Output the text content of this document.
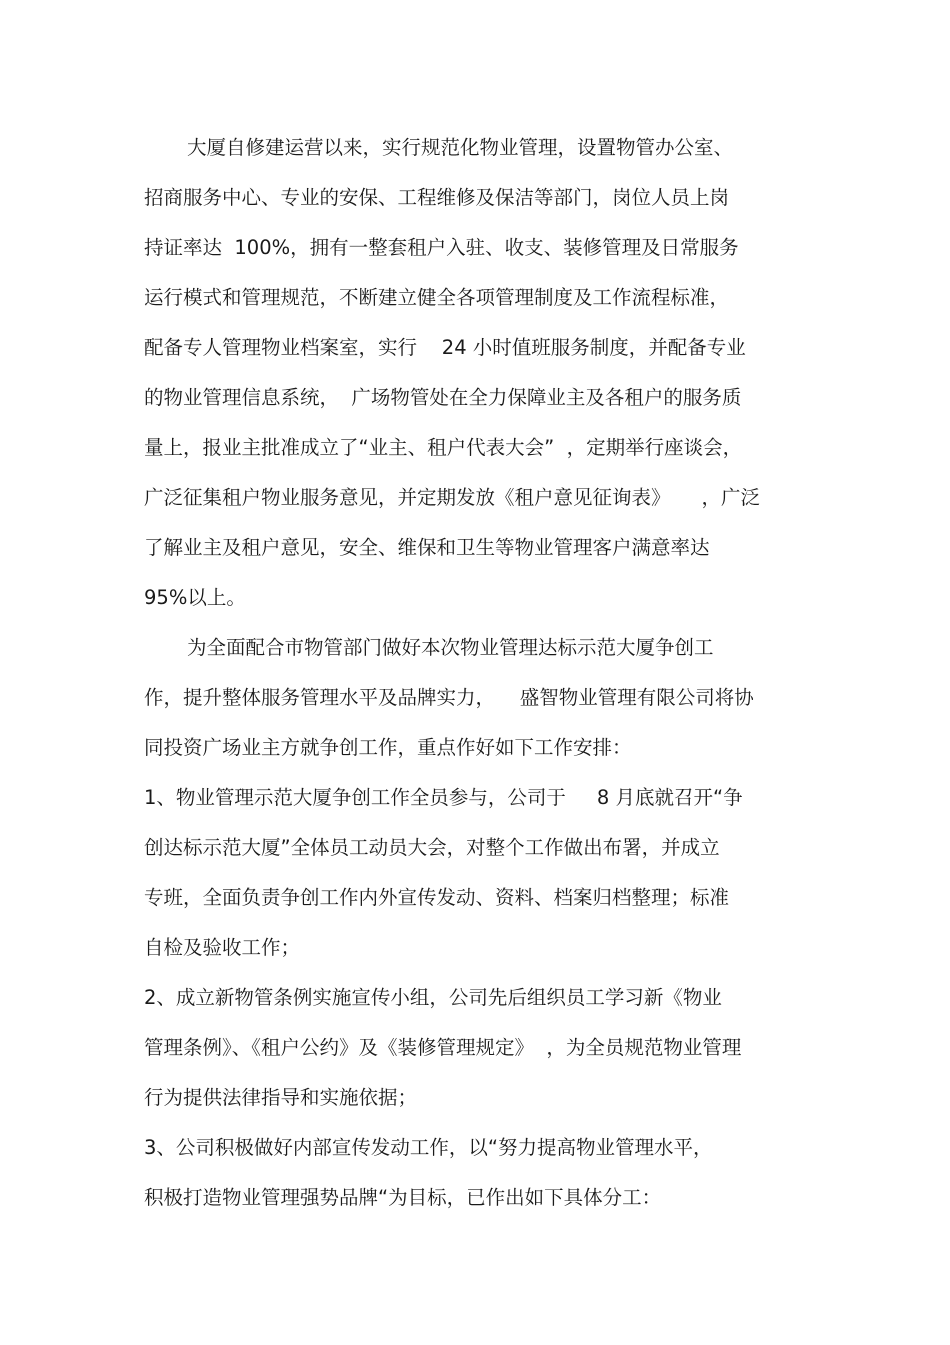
大厦自修建运营以来，实行规范化物业管理，设置物管办公室、
招商服务中心、专业的安保、工程维修及保洁等部门，岗位人员上岗
持证率达  100%，拥有一整套租户入驻、收支、装修管理及日常服务
运行模式和管理规范，不断建立健全各项管理制度及工作流程标准，
配备专人管理物业档案室，实行    24 小时值班服务制度，并配备专业
的物业管理信息系统，  广场物管处在全力保障业主及各租户的服务质
量上，报业主批准成立了“业主、租户代表大会”  ，定期举行座谈会，
广泛征集租户物业服务意见，并定期发放《租户意见征询表》     ，广泛
了解业主及租户意见，安全、维保和卫生等物业管理客户满意率达
95%以上。
为全面配合市物管部门做好本次物业管理达标示范大厦争创工
作，提升整体服务管理水平及品牌实力，    盛智物业管理有限公司将协
同投资广场业主方就争创工作，重点作好如下工作安排：
1、物业管理示范大厦争创工作全员参与，公司于     8 月底就召开“争
创达标示范大厦”全体员工动员大会，对整个工作做出布署，并成立
专班，全面负责争创工作内外宣传发动、资料、档案归档整理；标准
自检及验收工作；
2、成立新物管条例实施宣传小组，公司先后组织员工学习新《物业
管理条例》、《租户公约》及《装修管理规定》  ，为全员规范物业管理
行为提供法律指导和实施依据；
3、公司积极做好内部宣传发动工作，以“努力提高物业管理水平，
积极打造物业管理强势品牌“为目标，已作出如下具体分工：
